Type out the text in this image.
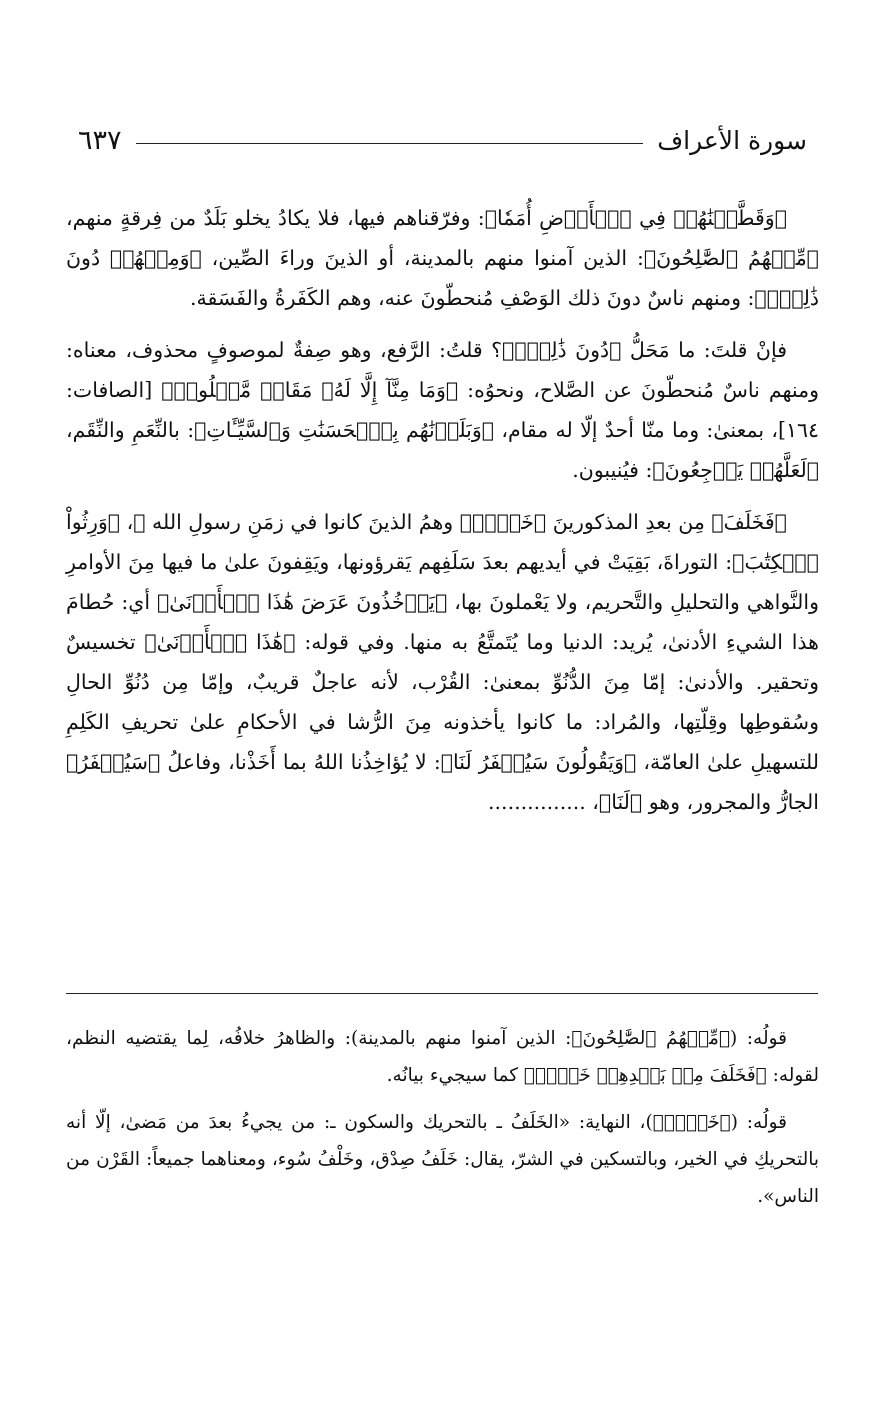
سورة الأعراف
٦٣٧

﴿وَقَطَّعۡنَٰهُمۡ فِي ٱلۡأَرۡضِ أُمَمٗا﴾: وفرّقناهم فيها، فلا يكادُ يخلو بَلَدٌ من فِرقةٍ منهم، ﴿مِّنۡهُمُ ٱلصَّٰلِحُونَ﴾: الذين آمنوا منهم بالمدينة، أو الذينَ وراءَ الصِّين، ﴿وَمِنۡهُمۡ دُونَ ذَٰلِكَۖ﴾: ومنهم ناسٌ دونَ ذلك الوَصْفِ مُنحطّونَ عنه، وهم الكَفَرةُ والفَسَقة.

فإنْ قلتَ: ما مَحَلُّ ﴿دُونَ ذَٰلِكَۖ﴾؟ قلتُ: الرَّفع، وهو صِفةٌ لموصوفٍ محذوف، معناه: ومنهم ناسٌ مُنحطّونَ عن الصَّلاح، ونحوُه: ﴿وَمَا مِنَّآ إِلَّا لَهُۥ مَقَامٞ مَّعۡلُومٞ﴾ [الصافات: ١٦٤]، بمعنىٰ: وما منّا أحدٌ إلّا له مقام، ﴿وَبَلَوۡنَٰهُم بِٱلۡحَسَنَٰتِ وَٱلسَّيِّـَٔاتِ﴾: بالنِّعَمِ والنِّقَم، ﴿لَعَلَّهُمۡ يَرۡجِعُونَ﴾: فيُنيبون.

﴿فَخَلَفَ﴾ مِن بعدِ المذكورينَ ﴿خَلۡفٞ﴾ وهمُ الذينَ كانوا في زمَنِ رسولِ الله ﷺ، ﴿وَرِثُواْ ٱلۡكِتَٰبَ﴾: التوراةَ، بَقِيَتْ في أيديهم بعدَ سَلَفِهم يَقرؤونها، ويَقِفونَ علىٰ ما فيها مِنَ الأوامرِ والنَّواهي والتحليلِ والتَّحريم، ولا يَعْملونَ بها، ﴿يَأۡخُذُونَ عَرَضَ هَٰذَا ٱلۡأَدۡنَىٰ﴾ أي: حُطامَ هذا الشيءِ الأدنىٰ، يُريد: الدنيا وما يُتَمتَّعُ به منها. وفي قوله: ﴿هَٰذَا ٱلۡأَدۡنَىٰ﴾ تخسيسٌ وتحقير. والأدنىٰ: إمّا مِنَ الدُّنُوِّ بمعنىٰ: القُرْب، لأنه عاجلٌ قريبٌ، وإمّا مِن دُنُوِّ الحالِ وسُقوطِها وقِلّتِها، والمُراد: ما كانوا يأخذونه مِنَ الرُّشا في الأحكامِ علىٰ تحريفِ الكَلِمِ للتسهيلِ علىٰ العامّة، ﴿وَيَقُولُونَ سَيُغۡفَرُ لَنَا﴾: لا يُؤاخِذُنا اللهُ بما أَخَذْنا، وفاعلُ ﴿سَيُغۡفَرُ﴾ الجارُّ والمجرور، وهو ﴿لَنَا﴾، ...............

قولُه: (﴿مِّنۡهُمُ ٱلصَّٰلِحُونَ﴾: الذين آمنوا منهم بالمدينة): والظاهرُ خلافُه، لِما يقتضيه النظم، لقوله: ﴿فَخَلَفَ مِنۢ بَعۡدِهِمۡ خَلۡفٞ﴾ كما سيجيء بيانُه.

قولُه: (﴿خَلۡفٞ﴾)، النهاية: «الخَلَفُ ـ بالتحريك والسكون ـ: من يجيءُ بعدَ من مَضىٰ، إلّا أنه بالتحريكِ في الخير، وبالتسكين في الشرّ، يقال: خَلَفُ صِدْق، وخَلْفُ سُوء، ومعناهما جميعاً: القَرْن من الناس».
